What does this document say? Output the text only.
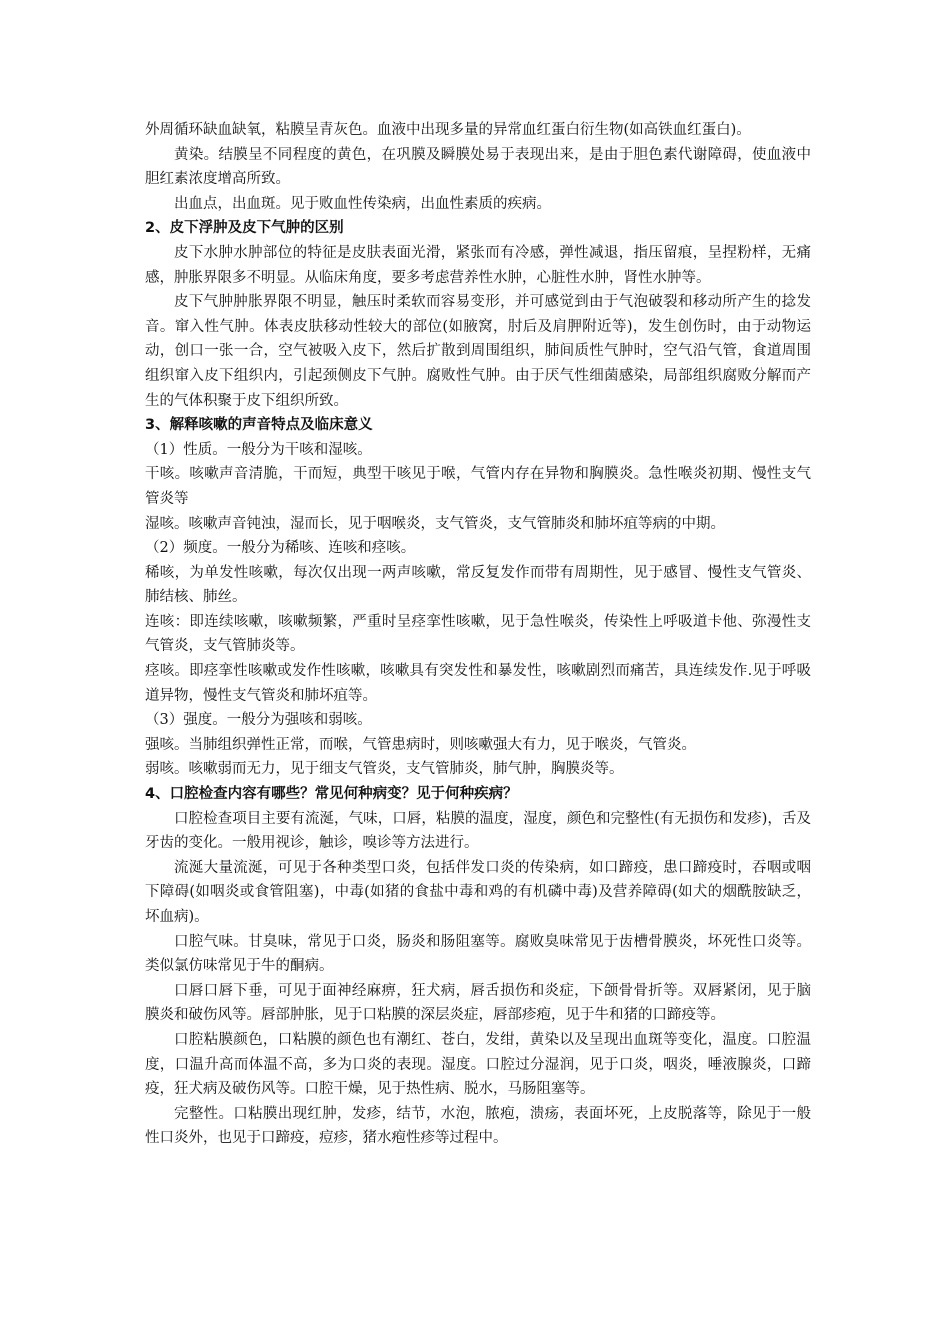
外周循环缺血缺氧，粘膜呈青灰色。血液中出现多量的异常血红蛋白衍生物(如高铁血红蛋白)。

黄染。结膜呈不同程度的黄色，在巩膜及瞬膜处易于表现出来，是由于胆色素代谢障碍，使血液中胆红素浓度增高所致。

出血点，出血斑。见于败血性传染病，出血性素质的疾病。

2、皮下浮肿及皮下气肿的区别

皮下水肿水肿部位的特征是皮肤表面光滑，紧张而有冷感，弹性减退，指压留痕，呈捏粉样，无痛感，肿胀界限多不明显。从临床角度，要多考虑营养性水肿，心脏性水肿，肾性水肿等。

皮下气肿肿胀界限不明显，触压时柔软而容易变形，并可感觉到由于气泡破裂和移动所产生的捻发音。窜入性气肿。体表皮肤移动性较大的部位(如腋窝，肘后及肩胛附近等)，发生创伤时，由于动物运动，创口一张一合，空气被吸入皮下，然后扩散到周围组织，肺间质性气肿时，空气沿气管，食道周围组织窜入皮下组织内，引起颈侧皮下气肿。腐败性气肿。由于厌气性细菌感染，局部组织腐败分解而产生的气体积聚于皮下组织所致。

3、解释咳嗽的声音特点及临床意义

（1）性质。一般分为干咳和湿咳。

干咳。咳嗽声音清脆，干而短，典型干咳见于喉，气管内存在异物和胸膜炎。急性喉炎初期、慢性支气管炎等

湿咳。咳嗽声音钝浊，湿而长，见于咽喉炎，支气管炎，支气管肺炎和肺坏疽等病的中期。

（2）频度。一般分为稀咳、连咳和痉咳。

稀咳，为单发性咳嗽，每次仅出现一两声咳嗽，常反复发作而带有周期性，见于感冒、慢性支气管炎、肺结核、肺丝。

连咳：即连续咳嗽，咳嗽频繁，严重时呈痉挛性咳嗽，见于急性喉炎，传染性上呼吸道卡他、弥漫性支气管炎，支气管肺炎等。

痉咳。即痉挛性咳嗽或发作性咳嗽，咳嗽具有突发性和暴发性，咳嗽剧烈而痛苦，具连续发作.见于呼吸道异物，慢性支气管炎和肺坏疽等。

（3）强度。一般分为强咳和弱咳。

强咳。当肺组织弹性正常，而喉，气管患病时，则咳嗽强大有力，见于喉炎，气管炎。

弱咳。咳嗽弱而无力，见于细支气管炎，支气管肺炎，肺气肿，胸膜炎等。

4、口腔检查内容有哪些？常见何种病变？见于何种疾病？

口腔检查项目主要有流涎，气味，口唇，粘膜的温度，湿度，颜色和完整性(有无损伤和发疹)，舌及牙齿的变化。一般用视诊，触诊，嗅诊等方法进行。

流涎大量流涎，可见于各种类型口炎，包括伴发口炎的传染病，如口蹄疫，患口蹄疫时，吞咽或咽下障碍(如咽炎或食管阻塞)，中毒(如猪的食盐中毒和鸡的有机磷中毒)及营养障碍(如犬的烟酰胺缺乏，坏血病)。

口腔气味。甘臭味，常见于口炎，肠炎和肠阻塞等。腐败臭味常见于齿槽骨膜炎，坏死性口炎等。类似氯仿味常见于牛的酮病。

口唇口唇下垂，可见于面神经麻痹，狂犬病，唇舌损伤和炎症，下颌骨骨折等。双唇紧闭，见于脑膜炎和破伤风等。唇部肿胀，见于口粘膜的深层炎症，唇部疹疱，见于牛和猪的口蹄疫等。

口腔粘膜颜色，口粘膜的颜色也有潮红、苍白，发绀，黄染以及呈现出血斑等变化，温度。口腔温度，口温升高而体温不高，多为口炎的表现。湿度。口腔过分湿润，见于口炎，咽炎，唾液腺炎，口蹄疫，狂犬病及破伤风等。口腔干燥，见于热性病、脱水，马肠阻塞等。

完整性。口粘膜出现红肿，发疹，结节，水泡，脓疱，溃疡，表面坏死，上皮脱落等，除见于一般性口炎外，也见于口蹄疫，痘疹，猪水疱性疹等过程中。
